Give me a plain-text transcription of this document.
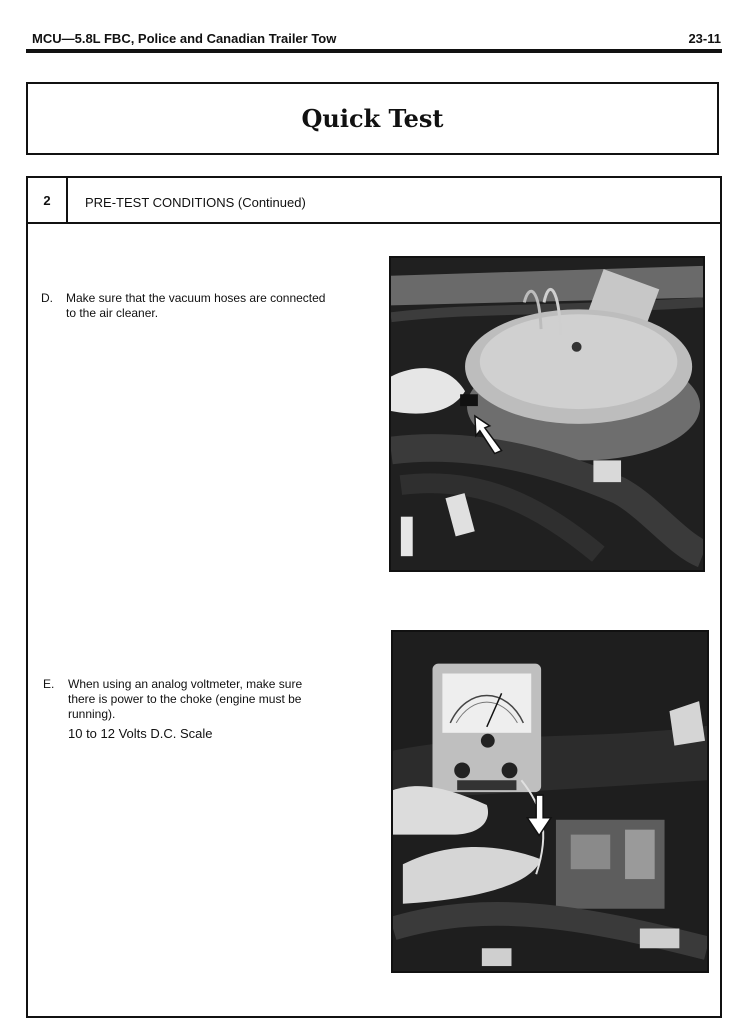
MCU—5.8L FBC, Police and Canadian Trailer Tow	23-11
Quick Test
2	PRE-TEST CONDITIONS (Continued)
D. Make sure that the vacuum hoses are connected to the air cleaner.
E. When using an analog voltmeter, make sure there is power to the choke (engine must be running).
10 to 12 Volts D.C. Scale
